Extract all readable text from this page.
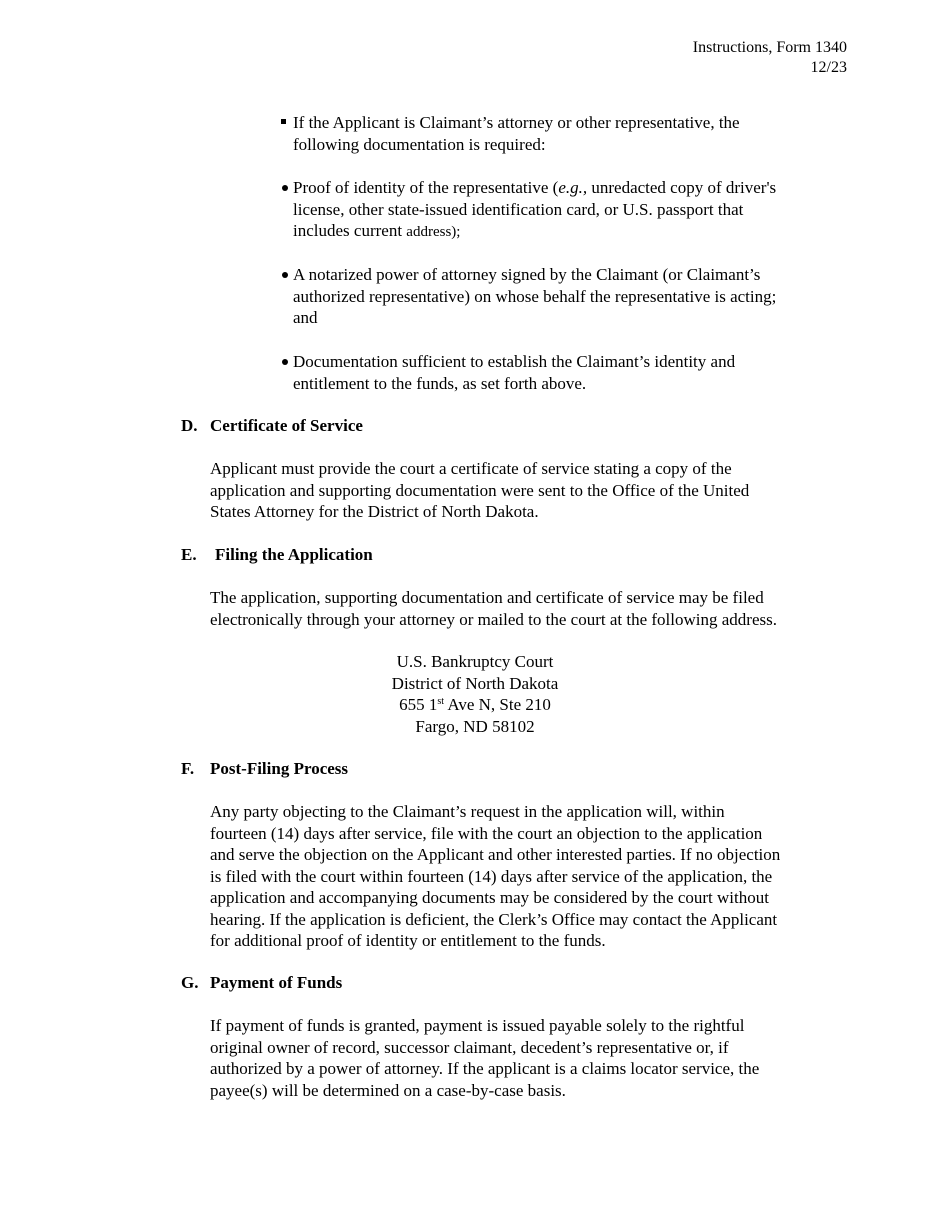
Instructions, Form 1340
12/23

If the Applicant is Claimant’s attorney or other representative, the

following documentation is required:

Proof of identity of the representative (e.g., unredacted copy of driver's

license, other state-issued identification card, or U.S. passport that

includes current address);

A notarized power of attorney signed by the Claimant (or Claimant’s

authorized representative) on whose behalf the representative is acting;

and

Documentation sufficient to establish the Claimant’s identity and

entitlement to the funds, as set forth above.

D. Certificate of Service

Applicant must provide the court a certificate of service stating a copy of the

application and supporting documentation were sent to the Office of the United

States Attorney for the District of North Dakota.

E. Filing the Application

The application, supporting documentation and certificate of service may be filed

electronically through your attorney or mailed to the court at the following address.

U.S. Bankruptcy Court

District of North Dakota

655 1st Ave N, Ste 210

Fargo, ND 58102

F. Post-Filing Process

Any party objecting to the Claimant’s request in the application will, within

fourteen (14) days after service, file with the court an objection to the application

and serve the objection on the Applicant and other interested parties. If no objection

is filed with the court within fourteen (14) days after service of the application, the

application and accompanying documents may be considered by the court without

hearing. If the application is deficient, the Clerk’s Office may contact the Applicant

for additional proof of identity or entitlement to the funds.

G. Payment of Funds

If payment of funds is granted, payment is issued payable solely to the rightful

original owner of record, successor claimant, decedent’s representative or, if

authorized by a power of attorney. If the applicant is a claims locator service, the

payee(s) will be determined on a case-by-case basis.
